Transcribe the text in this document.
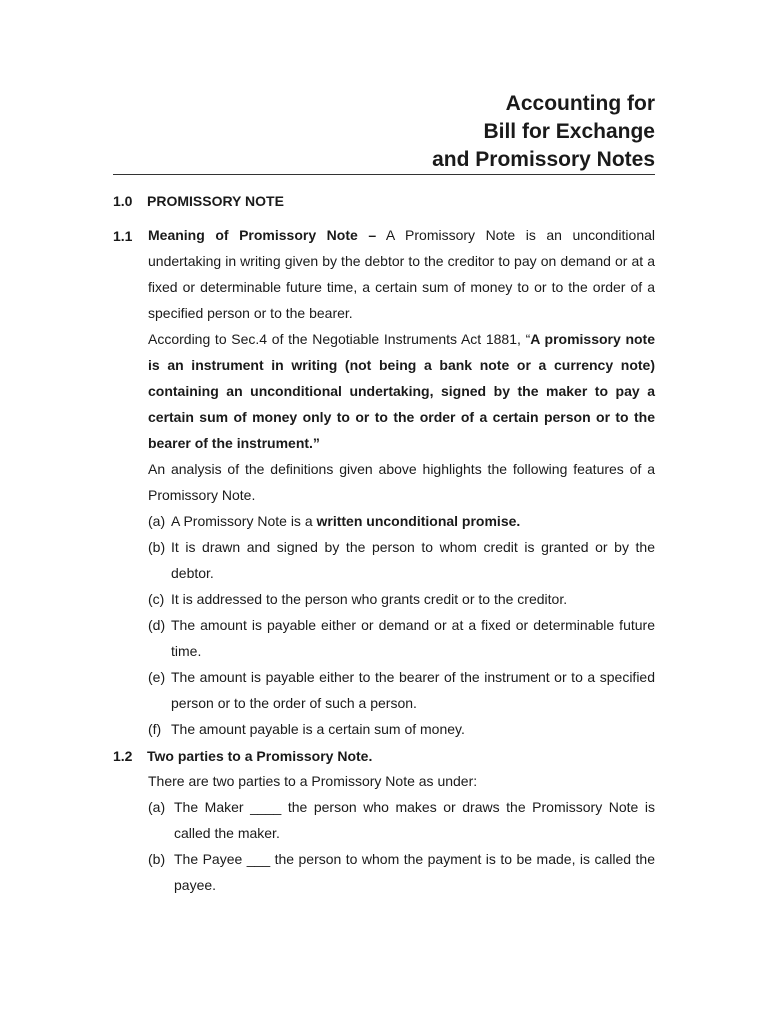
Accounting for
Bill for Exchange
and Promissory Notes
1.0 PROMISSORY NOTE
1.1	Meaning of Promissory Note – A Promissory Note is an unconditional undertaking in writing given by the debtor to the creditor to pay on demand or at a fixed or determinable future time, a certain sum of money to or to the order of a specified person or to the bearer.

According to Sec.4 of the Negotiable Instruments Act 1881, “A promissory note is an instrument in writing (not being a bank note or a currency note) containing an unconditional undertaking, signed by the maker to pay a certain sum of money only to or to the order of a certain person or to the bearer of the instrument.”

An analysis of the definitions given above highlights the following features of a Promissory Note.

(a) A Promissory Note is a written unconditional promise.
(b) It is drawn and signed by the person to whom credit is granted or by the debtor.
(c) It is addressed to the person who grants credit or to the creditor.
(d) The amount is payable either or demand or at a fixed or determinable future time.
(e) The amount is payable either to the bearer of the instrument or to a specified person or to the order of such a person.
(f) The amount payable is a certain sum of money.
1.2 Two parties to a Promissory Note.

There are two parties to a Promissory Note as under:

(a) The Maker ____ the person who makes or draws the Promissory Note is called the maker.
(b) The Payee ___ the person to whom the payment is to be made, is called the payee.
